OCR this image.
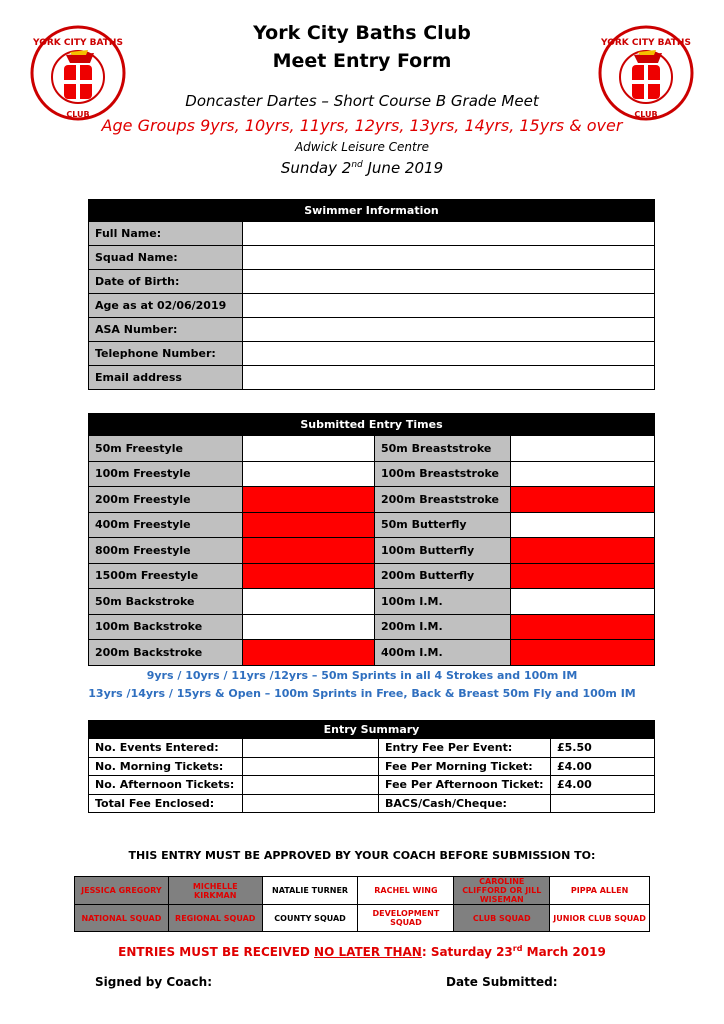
YORK CITY BATHS
CLUB
YORK CITY BATHS
CLUB
York City Baths Club
Meet Entry Form
Doncaster Dartes – Short Course B Grade Meet
Age Groups 9yrs, 10yrs, 11yrs, 12yrs, 13yrs, 14yrs, 15yrs & over
Adwick Leisure Centre
Sunday 2nd June 2019
Swimmer Information	
Full Name:	
Squad Name:	
Date of Birth:	
Age as at 02/06/2019	
ASA Number:	
Telephone Number:	
Email address	
Submitted Entry Times			
50m Freestyle		50m Breaststroke	
100m Freestyle		100m Breaststroke	
200m Freestyle		200m Breaststroke	
400m Freestyle		50m Butterfly	
800m Freestyle		100m Butterfly	
1500m Freestyle		200m Butterfly	
50m Backstroke		100m I.M.	
100m Backstroke		200m I.M.	
200m Backstroke		400m I.M.	
9yrs / 10yrs / 11yrs /12yrs – 50m Sprints in all 4 Strokes and 100m IM
13yrs /14yrs / 15yrs & Open – 100m Sprints in Free, Back & Breast 50m Fly and 100m IM
Entry Summary			
No. Events Entered:		Entry Fee Per Event:	£5.50
No. Morning Tickets:		Fee Per Morning Ticket:	£4.00
No. Afternoon Tickets:		Fee Per Afternoon Ticket:	£4.00
Total Fee Enclosed:		BACS/Cash/Cheque:	
THIS ENTRY MUST BE APPROVED BY YOUR COACH BEFORE SUBMISSION TO:
JESSICA GREGORY	MICHELLE KIRKMAN	NATALIE TURNER	RACHEL WING	CAROLINE CLIFFORD OR JILL WISEMAN	PIPPA ALLEN
NATIONAL SQUAD	REGIONAL SQUAD	COUNTY SQUAD	DEVELOPMENT SQUAD	CLUB SQUAD	JUNIOR CLUB SQUAD
ENTRIES MUST BE RECEIVED NO LATER THAN: Saturday 23rd March 2019
Signed by Coach:	Date Submitted:
